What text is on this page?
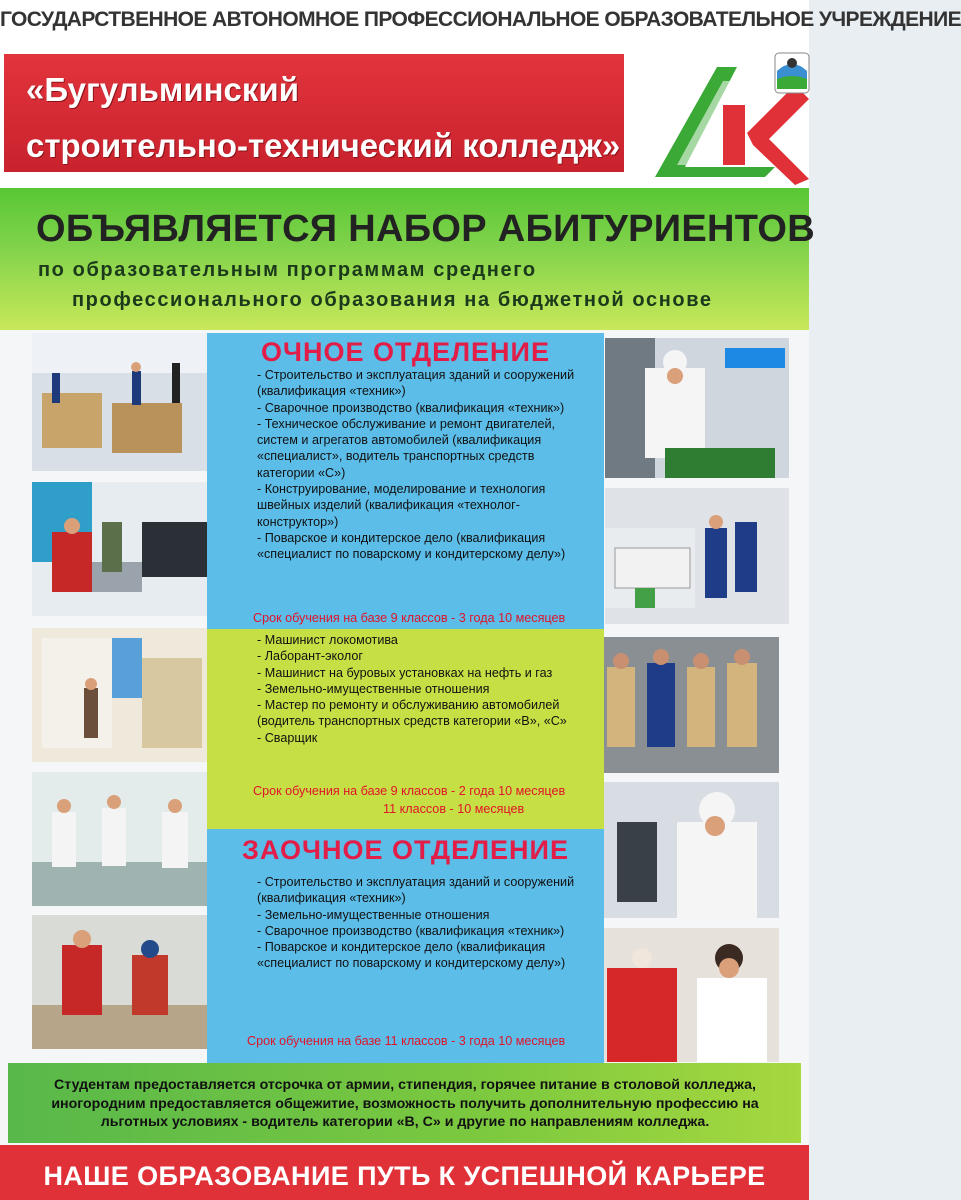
ГОСУДАРСТВЕННОЕ АВТОНОМНОЕ ПРОФЕССИОНАЛЬНОЕ ОБРАЗОВАТЕЛЬНОЕ УЧРЕЖДЕНИЕ
«Бугульминский
строительно-технический колледж»
ОБЪЯВЛЯЕТСЯ НАБОР АБИТУРИЕНТОВ
по образовательным программам среднего
профессионального образования на бюджетной основе
ОЧНОЕ ОТДЕЛЕНИЕ
- Строительство и эксплуатация зданий и сооружений (квалификация «техник»)
- Сварочное производство (квалификация «техник»)
- Техническое обслуживание и ремонт двигателей, систем и агрегатов автомобилей (квалификация «специалист», водитель транспортных средств категории «С»)
- Конструирование, моделирование и технология швейных изделий (квалификация «технолог-конструктор»)
- Поварское и кондитерское дело (квалификация «специалист по поварскому и кондитерскому делу»)
Срок обучения на базе 9 классов - 3 года 10 месяцев
- Машинист локомотива
- Лаборант-эколог
- Машинист на буровых установках на нефть и газ
- Земельно-имущественные отношения
- Мастер по ремонту и обслуживанию автомобилей (водитель транспортных средств категории «В», «С»
- Сварщик
Срок обучения на базе 9 классов - 2 года 10 месяцев
11 классов - 10 месяцев
ЗАОЧНОЕ ОТДЕЛЕНИЕ
- Строительство и эксплуатация зданий и сооружений (квалификация «техник»)
- Земельно-имущественные отношения
- Сварочное производство (квалификация «техник»)
- Поварское и кондитерское дело (квалификация «специалист по поварскому и кондитерскому делу»)
Срок обучения на базе 11 классов - 3 года 10 месяцев
Студентам предоставляется отсрочка от армии, стипендия, горячее питание в столовой колледжа, иногородним предоставляется общежитие, возможность получить дополнительную профессию на льготных условиях - водитель категории «В, С» и другие по направлениям колледжа.
НАШЕ ОБРАЗОВАНИЕ ПУТЬ К УСПЕШНОЙ КАРЬЕРЕ
